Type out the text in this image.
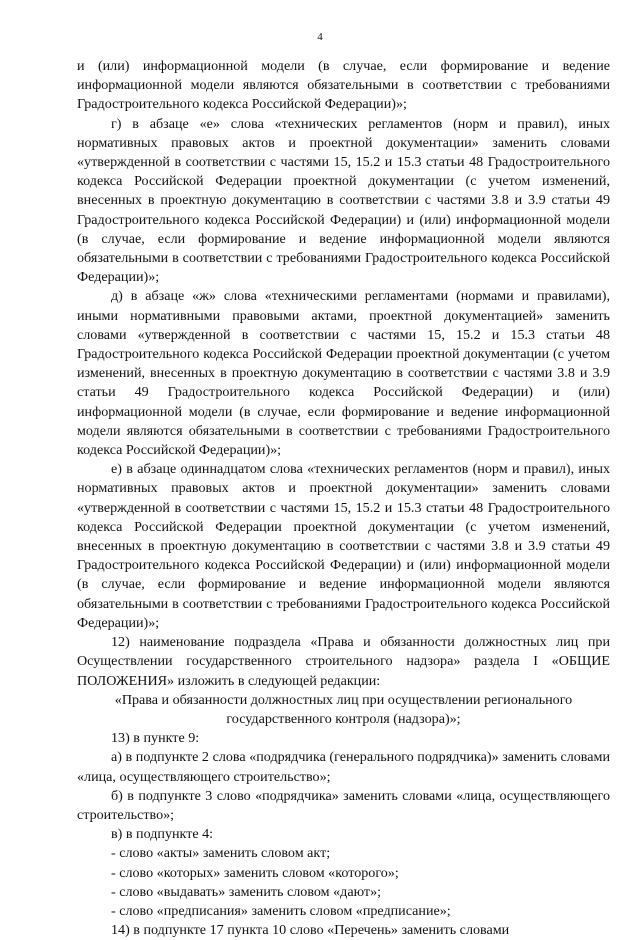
4

и (или) информационной модели (в случае, если формирование и ведение информационной модели являются обязательными в соответствии с требованиями Градостроительного кодекса Российской Федерации)»;

г) в абзаце «е» слова «технических регламентов (норм и правил), иных нормативных правовых актов и проектной документации» заменить словами «утвержденной в соответствии с частями 15, 15.2 и 15.3 статьи 48 Градостроительного кодекса Российской Федерации проектной документации (с учетом изменений, внесенных в проектную документацию в соответствии с частями 3.8 и 3.9 статьи 49 Градостроительного кодекса Российской Федерации) и (или) информационной модели (в случае, если формирование и ведение информационной модели являются обязательными в соответствии с требованиями Градостроительного кодекса Российской Федерации)»;

д) в абзаце «ж» слова «техническими регламентами (нормами и правилами), иными нормативными правовыми актами, проектной документацией» заменить словами «утвержденной в соответствии с частями 15, 15.2 и 15.3 статьи 48 Градостроительного кодекса Российской Федерации проектной документации (с учетом изменений, внесенных в проектную документацию в соответствии с частями 3.8 и 3.9 статьи 49 Градостроительного кодекса Российской Федерации) и (или) информационной модели (в случае, если формирование и ведение информационной модели являются обязательными в соответствии с требованиями Градостроительного кодекса Российской Федерации)»;

е) в абзаце одиннадцатом слова «технических регламентов (норм и правил), иных нормативных правовых актов и проектной документации» заменить словами «утвержденной в соответствии с частями 15, 15.2 и 15.3 статьи 48 Градостроительного кодекса Российской Федерации проектной документации (с учетом изменений, внесенных в проектную документацию в соответствии с частями 3.8 и 3.9 статьи 49 Градостроительного кодекса Российской Федерации) и (или) информационной модели (в случае, если формирование и ведение информационной модели являются обязательными в соответствии с требованиями Градостроительного кодекса Российской Федерации)»;

12) наименование подраздела «Права и обязанности должностных лиц при Осуществлении государственного строительного надзора» раздела I «ОБЩИЕ ПОЛОЖЕНИЯ» изложить в следующей редакции:

«Права и обязанности должностных лиц при осуществлении регионального государственного контроля (надзора)»;

13) в пункте 9:

а) в подпункте 2 слова «подрядчика (генерального подрядчика)» заменить словами «лица, осуществляющего строительство»;

б) в подпункте 3 слово «подрядчика» заменить словами «лица, осуществляющего строительство»;

в) в подпункте 4:

- слово «акты» заменить словом акт;

- слово «которых» заменить словом «которого»;

- слово «выдавать» заменить словом «дают»;

- слово «предписания» заменить словом «предписание»;

14) в подпункте 17 пункта 10 слово «Перечень» заменить словами
